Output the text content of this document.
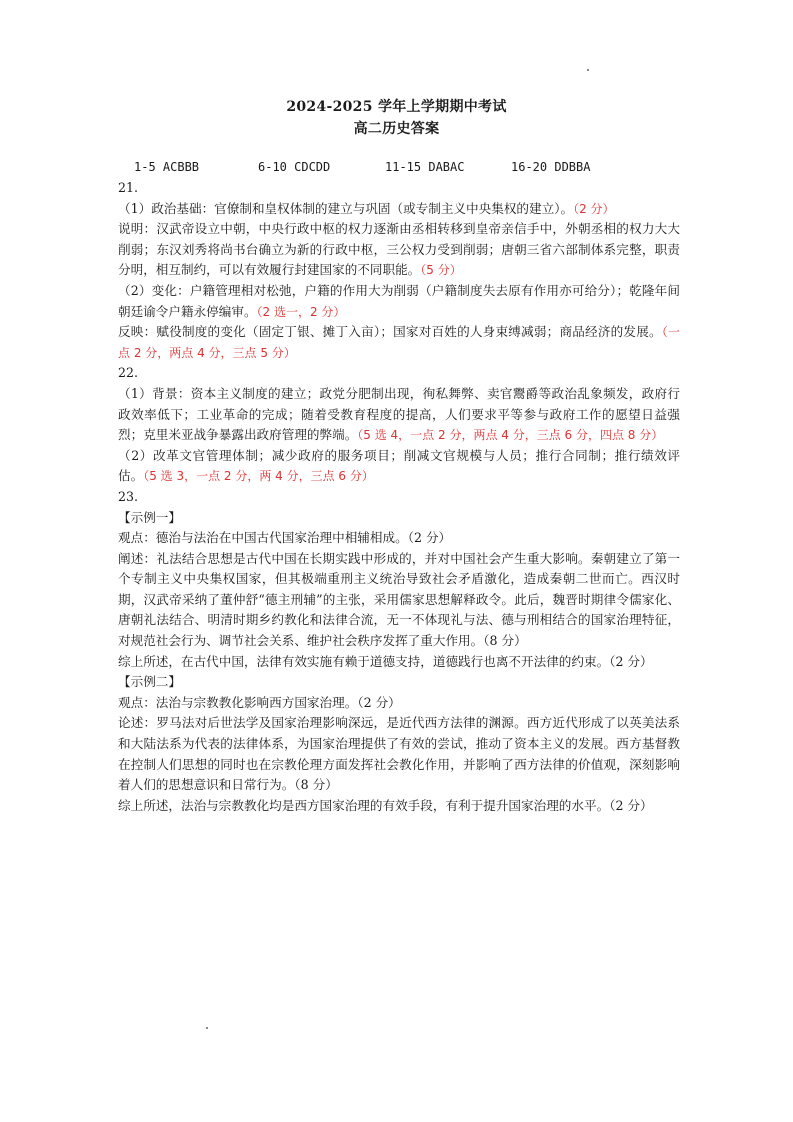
2024-2025 学年上学期期中考试
高二历史答案
1-5 ACBBB	6-10 CDCDD	11-15 DABAC	16-20 DDBBA

21.

（1）政治基础：官僚制和皇权体制的建立与巩固（或专制主义中央集权的建立）。（2 分）

说明：汉武帝设立中朝，中央行政中枢的权力逐渐由丞相转移到皇帝亲信手中，外朝丞相的权力大大削弱；东汉刘秀将尚书台确立为新的行政中枢，三公权力受到削弱；唐朝三省六部制体系完整，职责分明，相互制约，可以有效履行封建国家的不同职能。（5 分）

（2）变化：户籍管理相对松弛，户籍的作用大为削弱（户籍制度失去原有作用亦可给分）；乾隆年间朝廷谕令户籍永停编审。（2 选一，2 分）

反映：赋役制度的变化（固定丁银、摊丁入亩）；国家对百姓的人身束缚减弱；商品经济的发展。（一点 2 分，两点 4 分，三点 5 分）

22.

（1）背景：资本主义制度的建立；政党分肥制出现，徇私舞弊、卖官鬻爵等政治乱象频发，政府行政效率低下；工业革命的完成；随着受教育程度的提高，人们要求平等参与政府工作的愿望日益强烈；克里米亚战争暴露出政府管理的弊端。（5 选 4，一点 2 分，两点 4 分，三点 6 分，四点 8 分）

（2）改革文官管理体制；减少政府的服务项目；削减文官规模与人员；推行合同制；推行绩效评估。（5 选 3，一点 2 分，两 4 分，三点 6 分）

23.

【示例一】

观点：德治与法治在中国古代国家治理中相辅相成。（2 分）

阐述：礼法结合思想是古代中国在长期实践中形成的，并对中国社会产生重大影响。秦朝建立了第一个专制主义中央集权国家，但其极端重刑主义统治导致社会矛盾激化，造成秦朝二世而亡。西汉时期，汉武帝采纳了董仲舒“德主刑辅”的主张，采用儒家思想解释政令。此后，魏晋时期律令儒家化、唐朝礼法结合、明清时期乡约教化和法律合流，无一不体现礼与法、德与刑相结合的国家治理特征，对规范社会行为、调节社会关系、维护社会秩序发挥了重大作用。（8 分）

综上所述，在古代中国，法律有效实施有赖于道德支持，道德践行也离不开法律的约束。（2 分）

【示例二】

观点：法治与宗教教化影响西方国家治理。（2 分）

论述：罗马法对后世法学及国家治理影响深远，是近代西方法律的渊源。西方近代形成了以英美法系和大陆法系为代表的法律体系，为国家治理提供了有效的尝试，推动了资本主义的发展。西方基督教在控制人们思想的同时也在宗教伦理方面发挥社会教化作用，并影响了西方法律的价值观，深刻影响着人们的思想意识和日常行为。（8 分）

综上所述，法治与宗教教化均是西方国家治理的有效手段，有利于提升国家治理的水平。（2 分）
